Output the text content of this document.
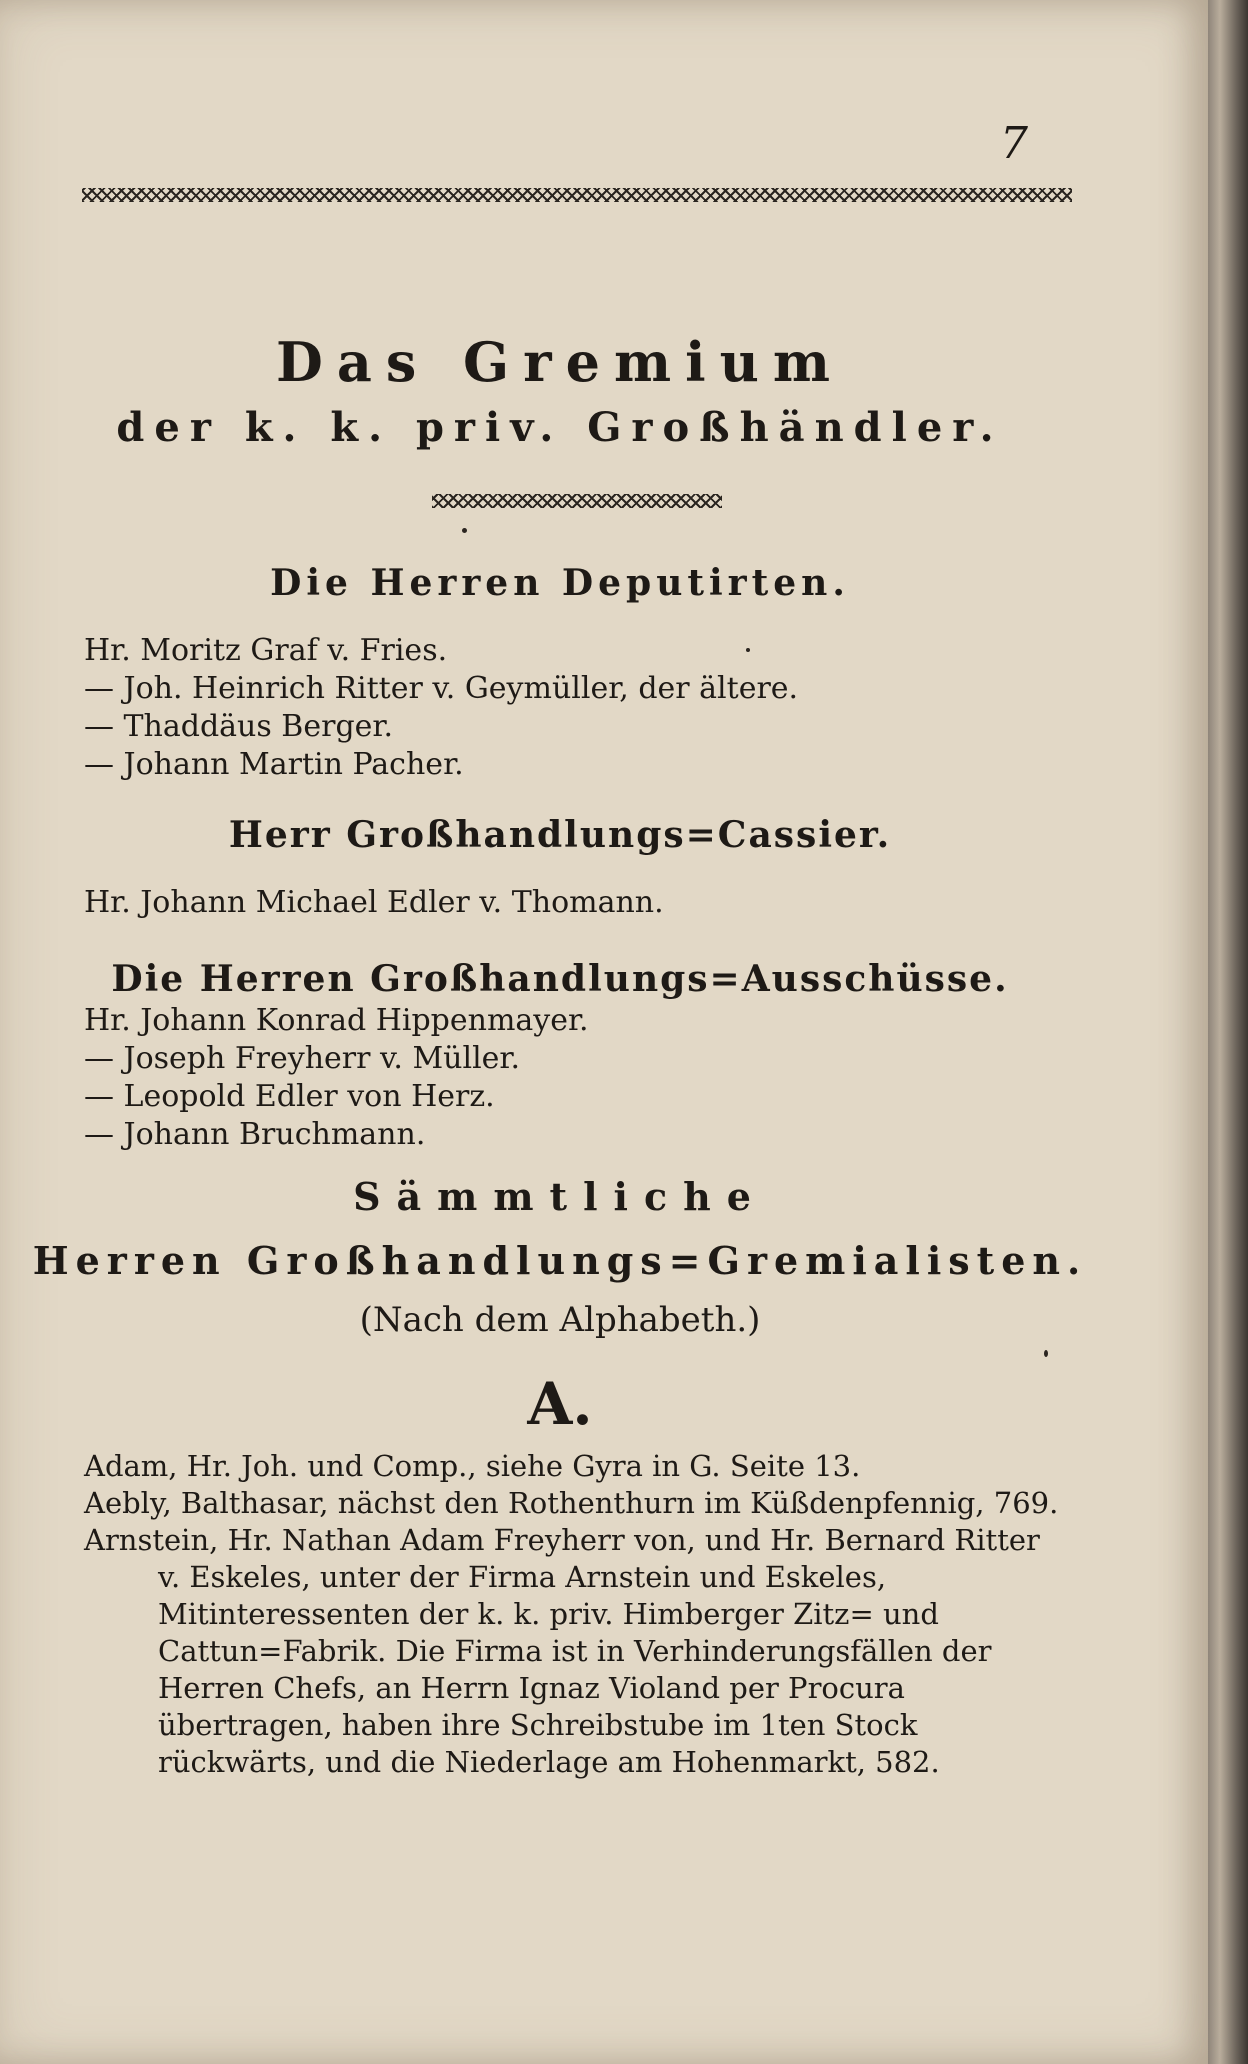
7
Das Gremium
der k. k. priv. Großhändler.
Die Herren Deputirten.
Hr. Moritz Graf v. Fries.
— Joh. Heinrich Ritter v. Geymüller, der ältere.
— Thaddäus Berger.
— Johann Martin Pacher.
Herr Großhandlungs=Cassier.
Hr. Johann Michael Edler v. Thomann.
Die Herren Großhandlungs=Ausschüsse.
Hr. Johann Konrad Hippenmayer.
— Joseph Freyherr v. Müller.
— Leopold Edler von Herz.
— Johann Bruchmann.
Sämmtliche
Herren Großhandlungs=Gremialisten.
(Nach dem Alphabeth.)
A.

Adam, Hr. Joh. und Comp., siehe Gyra in G. Seite 13.

Aebly, Balthasar, nächst den Rothenthurn im Küßdenpfennig, 769.

Arnstein, Hr. Nathan Adam Freyherr von, und Hr. Bernard Ritter v. Eskeles, unter der Firma Arnstein und Eskeles, Mitinteressenten der k. k. priv. Himberger Zitz= und Cattun=Fabrik. Die Firma ist in Verhinderungsfällen der Herren Chefs, an Herrn Ignaz Violand per Procura übertragen, haben ihre Schreibstube im 1ten Stock rückwärts, und die Niederlage am Hohenmarkt, 582.
